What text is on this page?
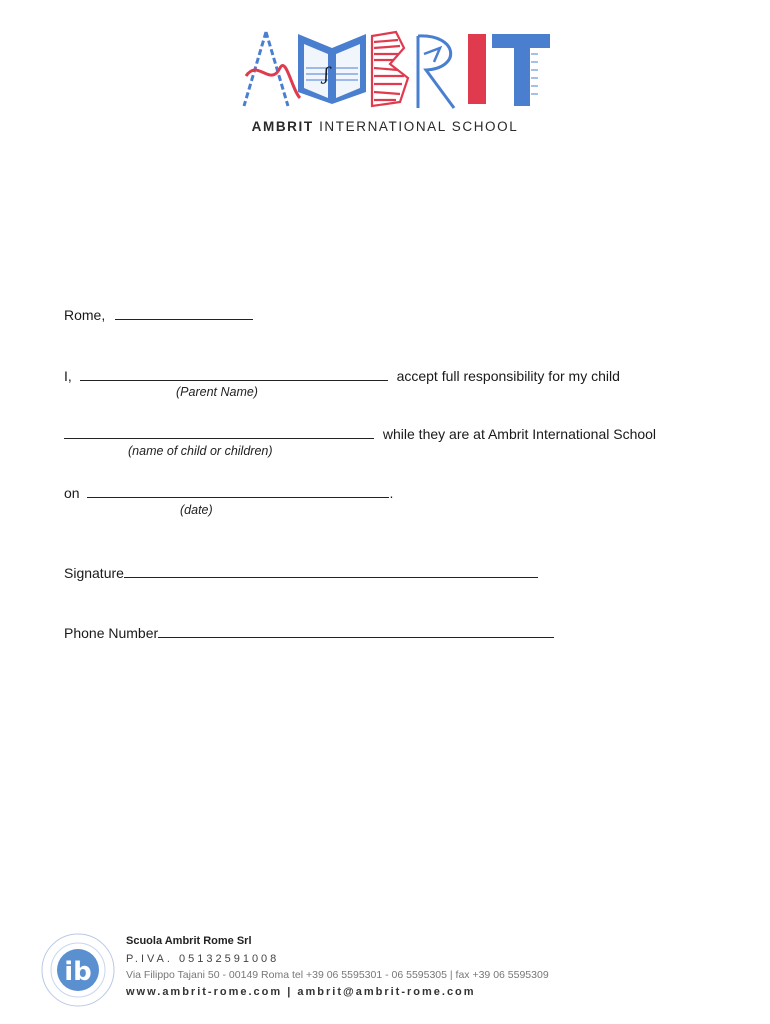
ʃ
AMBRIT INTERNATIONAL SCHOOL
Rome,
I,	accept full responsibility for my child
(Parent Name)
while they are at Ambrit International School
(name of child or children)
on	.
(date)
Signature
Phone Number
ib
Scuola Ambrit Rome Srl
P.IVA. 05132591008
Via Filippo Tajani 50 - 00149 Roma tel +39 06 5595301 - 06 5595305 | fax +39 06 5595309
www.ambrit-rome.com | ambrit@ambrit-rome.com
